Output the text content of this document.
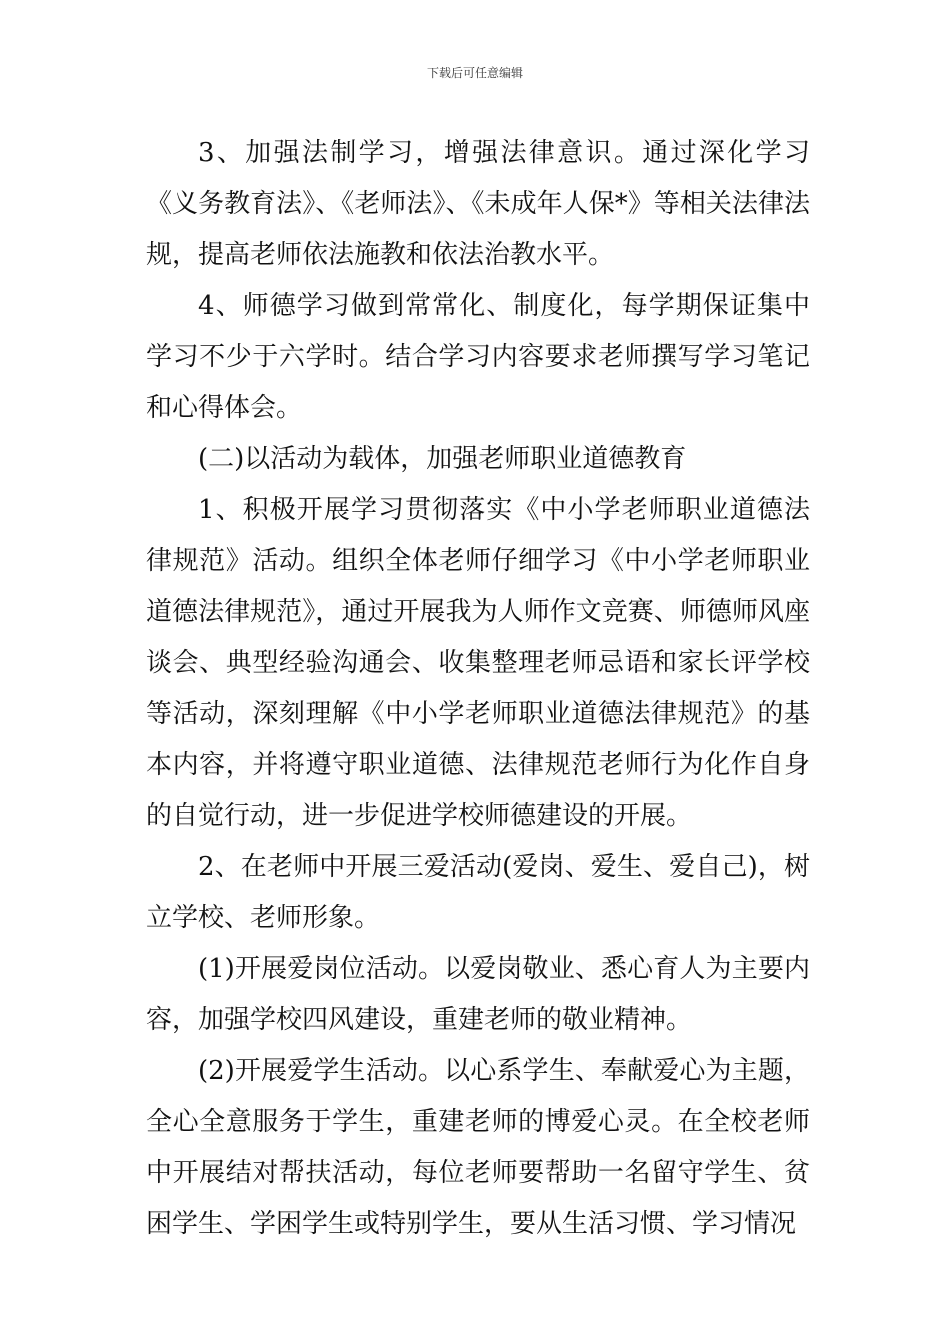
下载后可任意编辑

3、加强法制学习，增强法律意识。通过深化学习《义务教育法》、《老师法》、《未成年人保*》等相关法律法规，提高老师依法施教和依法治教水平。

4、师德学习做到常常化、制度化，每学期保证集中学习不少于六学时。结合学习内容要求老师撰写学习笔记和心得体会。

(二)以活动为载体，加强老师职业道德教育

1、积极开展学习贯彻落实《中小学老师职业道德法律规范》活动。组织全体老师仔细学习《中小学老师职业道德法律规范》，通过开展我为人师作文竞赛、师德师风座谈会、典型经验沟通会、收集整理老师忌语和家长评学校等活动，深刻理解《中小学老师职业道德法律规范》的基本内容，并将遵守职业道德、法律规范老师行为化作自身的自觉行动，进一步促进学校师德建设的开展。

2、在老师中开展三爱活动(爱岗、爱生、爱自己)，树立学校、老师形象。

(1)开展爱岗位活动。以爱岗敬业、悉心育人为主要内容，加强学校四风建设，重建老师的敬业精神。

(2)开展爱学生活动。以心系学生、奉献爱心为主题，全心全意服务于学生，重建老师的博爱心灵。在全校老师中开展结对帮扶活动，每位老师要帮助一名留守学生、贫困学生、学困学生或特别学生，要从生活习惯、学习情况
